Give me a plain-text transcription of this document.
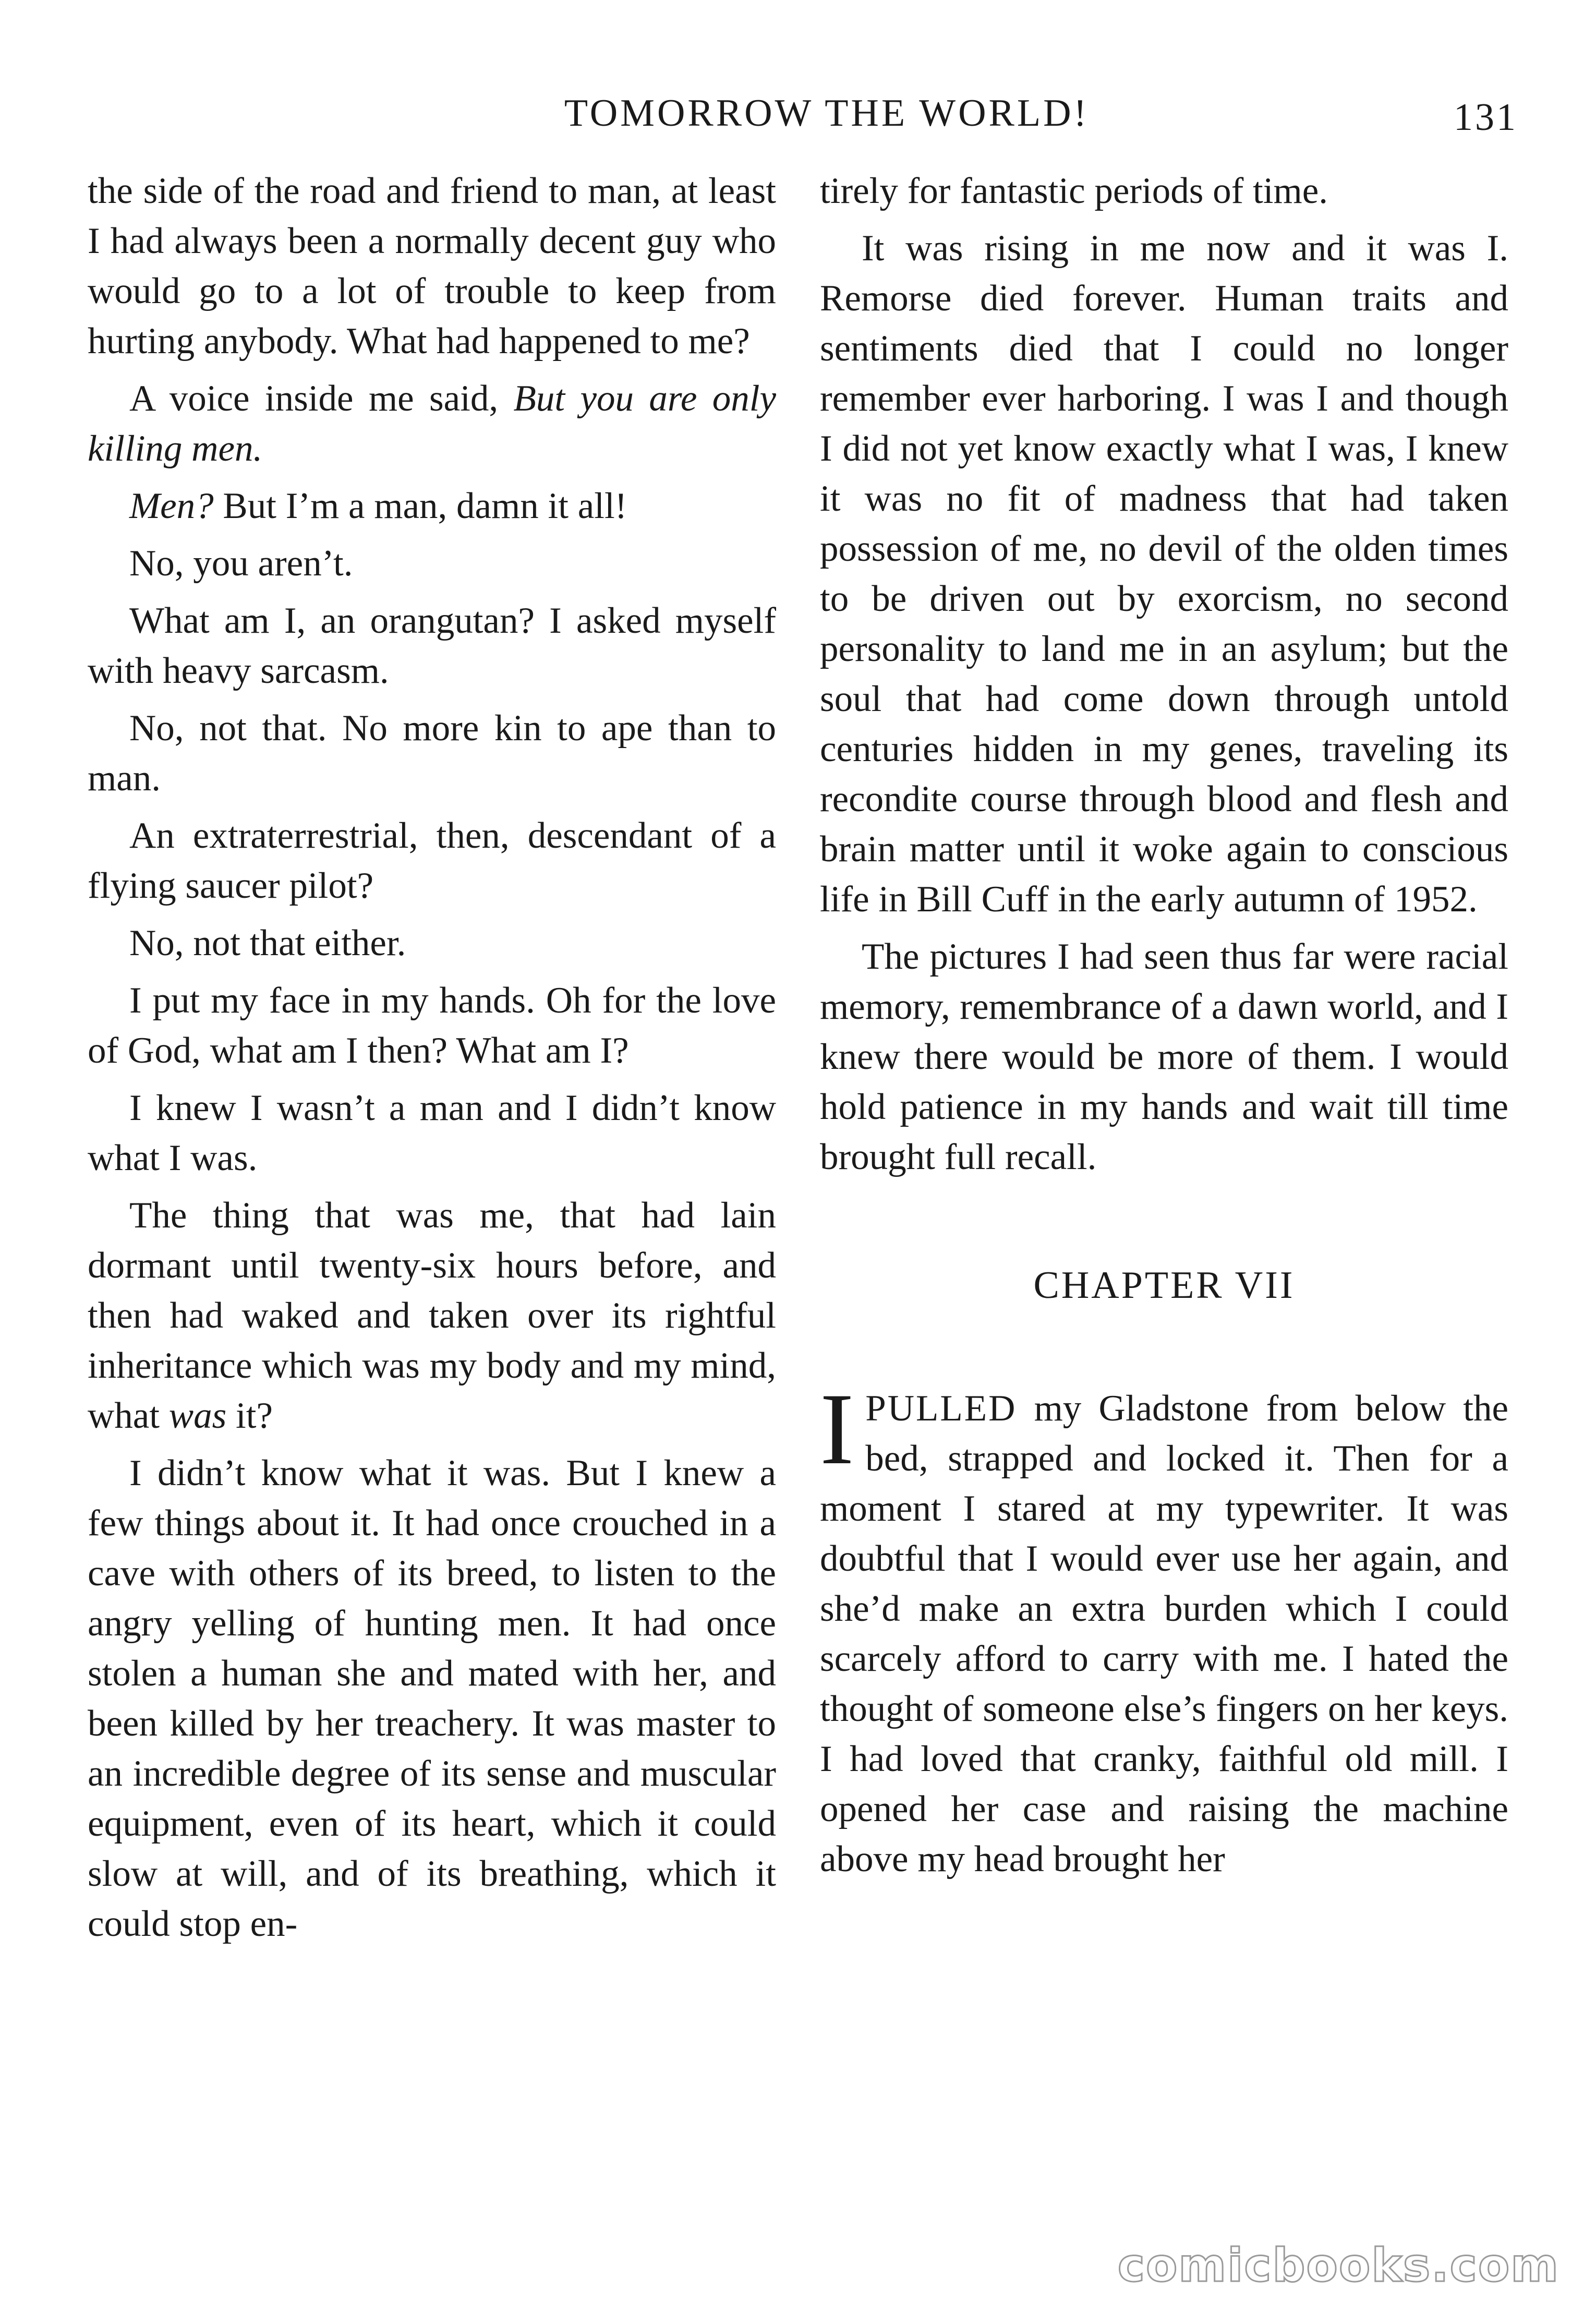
TOMORROW THE WORLD!	131

the side of the road and friend to man, at least I had always been a normally decent guy who would go to a lot of trouble to keep from hurting anybody. What had happened to me?

A voice inside me said, But you are only killing men.

Men? But I’m a man, damn it all!

No, you aren’t.

What am I, an orangutan? I asked myself with heavy sarcasm.

No, not that. No more kin to ape than to man.

An extraterrestrial, then, descendant of a flying saucer pilot?

No, not that either.

I put my face in my hands. Oh for the love of God, what am I then? What am I?

I knew I wasn’t a man and I didn’t know what I was.

The thing that was me, that had lain dormant until twenty-six hours before, and then had waked and taken over its rightful inheritance which was my body and my mind, what was it?

I didn’t know what it was. But I knew a few things about it. It had once crouched in a cave with others of its breed, to listen to the angry yelling of hunting men. It had once stolen a human she and mated with her, and been killed by her treachery. It was master to an incredible degree of its sense and muscular equipment, even of its heart, which it could slow at will, and of its breathing, which it could stop en-

tirely for fantastic periods of time.

It was rising in me now and it was I. Remorse died forever. Human traits and sentiments died that I could no longer remember ever harboring. I was I and though I did not yet know exactly what I was, I knew it was no fit of madness that had taken possession of me, no devil of the olden times to be driven out by exorcism, no second personality to land me in an asylum; but the soul that had come down through untold centuries hidden in my genes, traveling its recondite course through blood and flesh and brain matter until it woke again to conscious life in Bill Cuff in the early autumn of 1952.

The pictures I had seen thus far were racial memory, remembrance of a dawn world, and I knew there would be more of them. I would hold patience in my hands and wait till time brought full recall.

CHAPTER VII

I PULLED my Gladstone from below the bed, strapped and locked it. Then for a moment I stared at my typewriter. It was doubtful that I would ever use her again, and she’d make an extra burden which I could scarcely afford to carry with me. I hated the thought of someone else’s fingers on her keys. I had loved that cranky, faithful old mill. I opened her case and raising the machine above my head brought her

comicbooks.com
